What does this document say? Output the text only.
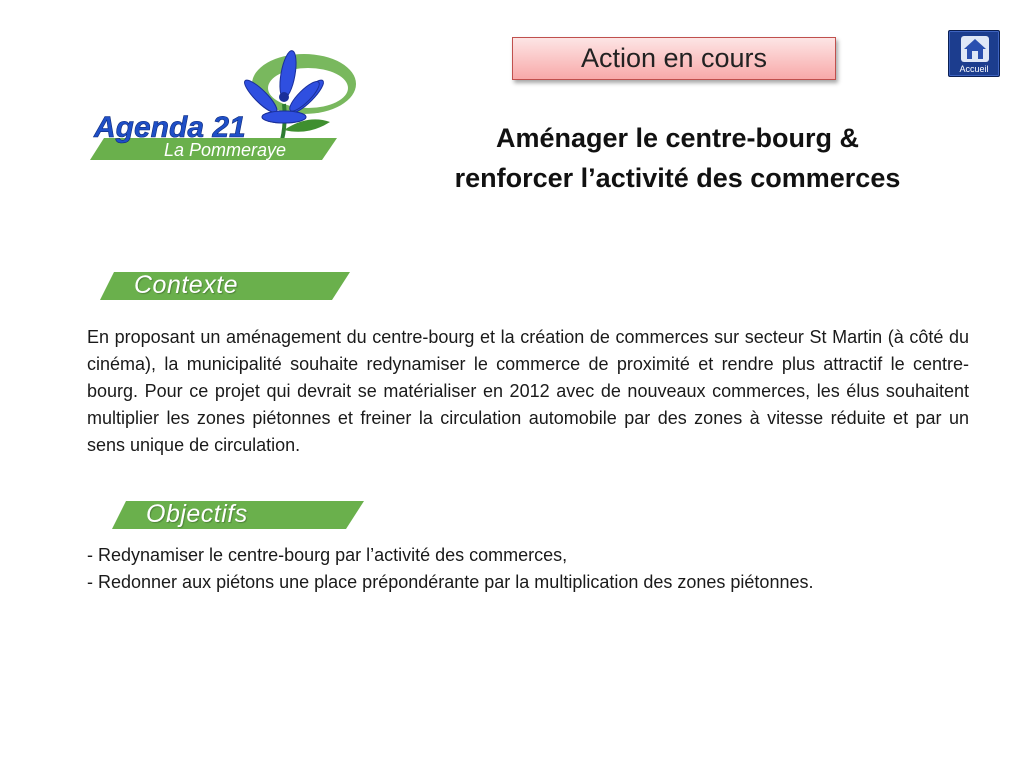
Agenda 21
La Pommeraye
Action en cours	Accueil
Aménager le centre-bourg &
renforcer l’activité des commerces
Contexte
En proposant un aménagement du centre-bourg et la création de commerces sur secteur St Martin (à côté du cinéma), la municipalité souhaite redynamiser le commerce de proximité et rendre plus attractif le centre-bourg. Pour ce projet qui devrait se matérialiser en 2012 avec de nouveaux commerces, les élus souhaitent multiplier les zones piétonnes et freiner la circulation automobile par des zones à vitesse réduite et par un sens unique de circulation.
Objectifs
- Redynamiser le centre-bourg par l’activité des commerces,
- Redonner aux piétons une place prépondérante par la multiplication des zones piétonnes.
